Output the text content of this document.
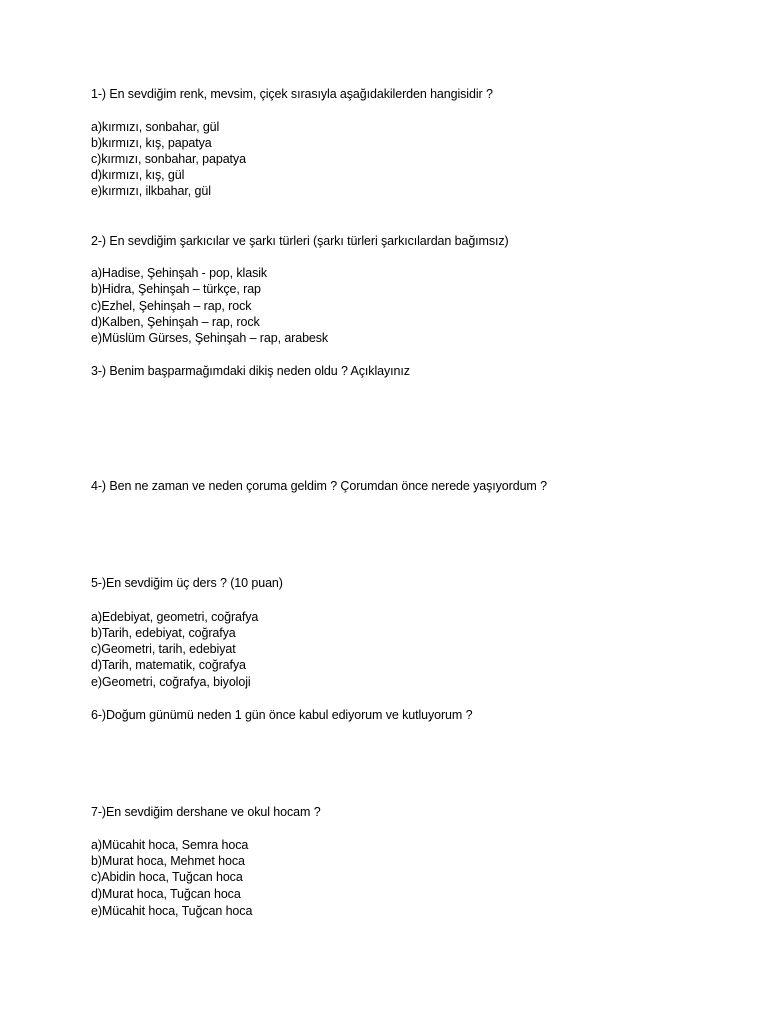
1-) En sevdiğim renk, mevsim, çiçek sırasıyla aşağıdakilerden hangisidir ?
a)kırmızı, sonbahar, gül
b)kırmızı, kış, papatya
c)kırmızı, sonbahar, papatya
d)kırmızı, kış, gül
e)kırmızı, ilkbahar, gül
2-) En sevdiğim şarkıcılar ve şarkı türleri (şarkı türleri şarkıcılardan bağımsız)
a)Hadise, Şehinşah - pop, klasik
b)Hidra, Şehinşah – türkçe, rap
c)Ezhel, Şehinşah – rap, rock
d)Kalben, Şehinşah – rap, rock
e)Müslüm Gürses, Şehinşah – rap, arabesk
3-) Benim başparmağımdaki dikiş neden oldu ? Açıklayınız
4-) Ben ne zaman ve neden çoruma geldim ? Çorumdan önce nerede yaşıyordum ?
5-)En sevdiğim üç ders ? (10 puan)
a)Edebiyat, geometri, coğrafya
b)Tarih, edebiyat, coğrafya
c)Geometri, tarih, edebiyat
d)Tarih, matematik, coğrafya
e)Geometri, coğrafya, biyoloji
6-)Doğum günümü neden 1 gün önce kabul ediyorum ve kutluyorum ?
7-)En sevdiğim dershane ve okul hocam ?
a)Mücahit hoca, Semra hoca
b)Murat hoca, Mehmet hoca
c)Abidin hoca, Tuğcan hoca
d)Murat hoca, Tuğcan hoca
e)Mücahit hoca, Tuğcan hoca
